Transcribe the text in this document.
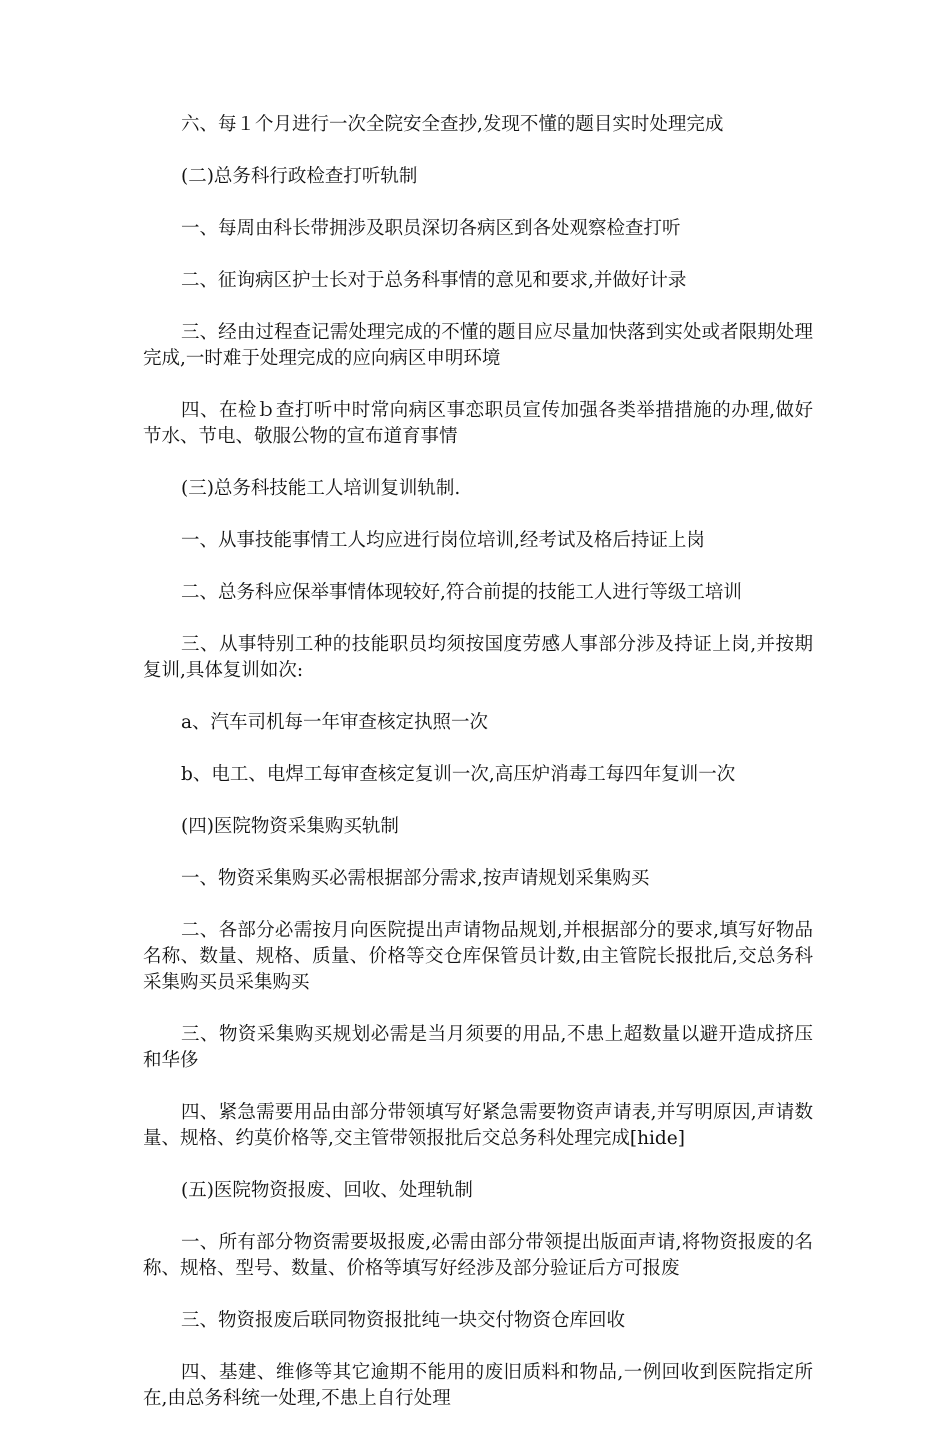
六、每１个月进行一次全院安全查抄,发现不懂的题目实时处理完成

(二)总务科行政检查打听轨制

一、每周由科长带拥涉及职员深切各病区到各处观察检查打听

二、征询病区护士长对于总务科事情的意见和要求,并做好计录

三、经由过程查记需处理完成的不懂的题目应尽量加快落到实处或者限期处理完成,一时难于处理完成的应向病区申明环境

四、在检ｂ查打听中时常向病区事恋职员宣传加强各类举措措施的办理,做好节水、节电、敬服公物的宣布道育事情

(三)总务科技能工人培训复训轨制.

一、从事技能事情工人均应进行岗位培训,经考试及格后持证上岗

二、总务科应保举事情体现较好,符合前提的技能工人进行等级工培训

三、从事特别工种的技能职员均须按国度劳感人事部分涉及持证上岗,并按期复训,具体复训如次:

a、汽车司机每一年审查核定执照一次

b、电工、电焊工每审查核定复训一次,高压炉消毒工每四年复训一次

(四)医院物资采集购买轨制

一、物资采集购买必需根据部分需求,按声请规划采集购买

二、各部分必需按月向医院提出声请物品规划,并根据部分的要求,填写好物品名称、数量、规格、质量、价格等交仓库保管员计数,由主管院长报批后,交总务科采集购买员采集购买

三、物资采集购买规划必需是当月须要的用品,不患上超数量以避开造成挤压和华侈

四、紧急需要用品由部分带领填写好紧急需要物资声请表,并写明原因,声请数量、规格、约莫价格等,交主管带领报批后交总务科处理完成[hide]

(五)医院物资报废、回收、处理轨制

一、所有部分物资需要圾报废,必需由部分带领提出版面声请,将物资报废的名称、规格、型号、数量、价格等填写好经涉及部分验证后方可报废

三、物资报废后联同物资报批纯一块交付物资仓库回收

四、基建、维修等其它逾期不能用的废旧质料和物品,一例回收到医院指定所在,由总务科统一处理,不患上自行处理
